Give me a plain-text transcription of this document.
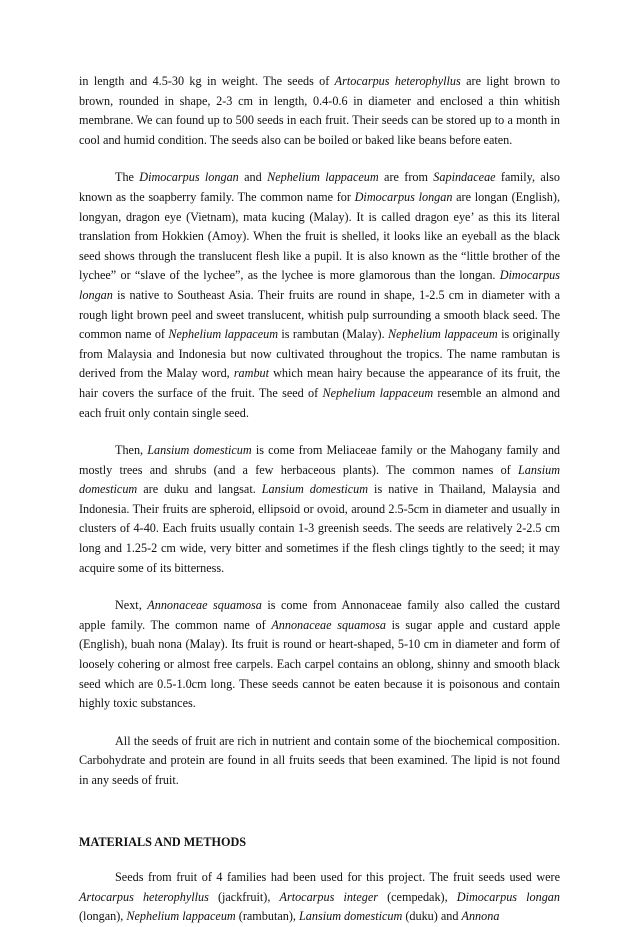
in length and 4.5-30 kg in weight. The seeds of Artocarpus heterophyllus are light brown to brown, rounded in shape, 2-3 cm in length, 0.4-0.6 in diameter and enclosed a thin whitish membrane. We can found up to 500 seeds in each fruit. Their seeds can be stored up to a month in cool and humid condition. The seeds also can be boiled or baked like beans before eaten.

The Dimocarpus longan and Nephelium lappaceum are from Sapindaceae family, also known as the soapberry family. The common name for Dimocarpus longan are longan (English), longyan, dragon eye (Vietnam), mata kucing (Malay). It is called dragon eye’ as this its literal translation from Hokkien (Amoy). When the fruit is shelled, it looks like an eyeball as the black seed shows through the translucent flesh like a pupil. It is also known as the “little brother of the lychee” or “slave of the lychee”, as the lychee is more glamorous than the longan. Dimocarpus longan is native to Southeast Asia. Their fruits are round in shape, 1-2.5 cm in diameter with a rough light brown peel and sweet translucent, whitish pulp surrounding a smooth black seed. The common name of Nephelium lappaceum is rambutan (Malay). Nephelium lappaceum is originally from Malaysia and Indonesia but now cultivated throughout the tropics. The name rambutan is derived from the Malay word, rambut which mean hairy because the appearance of its fruit, the hair covers the surface of the fruit. The seed of Nephelium lappaceum resemble an almond and each fruit only contain single seed.

Then, Lansium domesticum is come from Meliaceae family or the Mahogany family and mostly trees and shrubs (and a few herbaceous plants). The common names of Lansium domesticum are duku and langsat. Lansium domesticum is native in Thailand, Malaysia and Indonesia. Their fruits are spheroid, ellipsoid or ovoid, around 2.5-5cm in diameter and usually in clusters of 4-40. Each fruits usually contain 1-3 greenish seeds. The seeds are relatively 2-2.5 cm long and 1.25-2 cm wide, very bitter and sometimes if the flesh clings tightly to the seed; it may acquire some of its bitterness.

Next, Annonaceae squamosa is come from Annonaceae family also called the custard apple family. The common name of Annonaceae squamosa is sugar apple and custard apple (English), buah nona (Malay). Its fruit is round or heart-shaped, 5-10 cm in diameter and form of loosely cohering or almost free carpels. Each carpel contains an oblong, shinny and smooth black seed which are 0.5-1.0cm long. These seeds cannot be eaten because it is poisonous and contain highly toxic substances.

All the seeds of fruit are rich in nutrient and contain some of the biochemical composition. Carbohydrate and protein are found in all fruits seeds that been examined. The lipid is not found in any seeds of fruit.

MATERIALS AND METHODS

Seeds from fruit of 4 families had been used for this project. The fruit seeds used were Artocarpus heterophyllus (jackfruit), Artocarpus integer (cempedak), Dimocarpus longan (longan), Nephelium lappaceum (rambutan), Lansium domesticum (duku) and Annona
